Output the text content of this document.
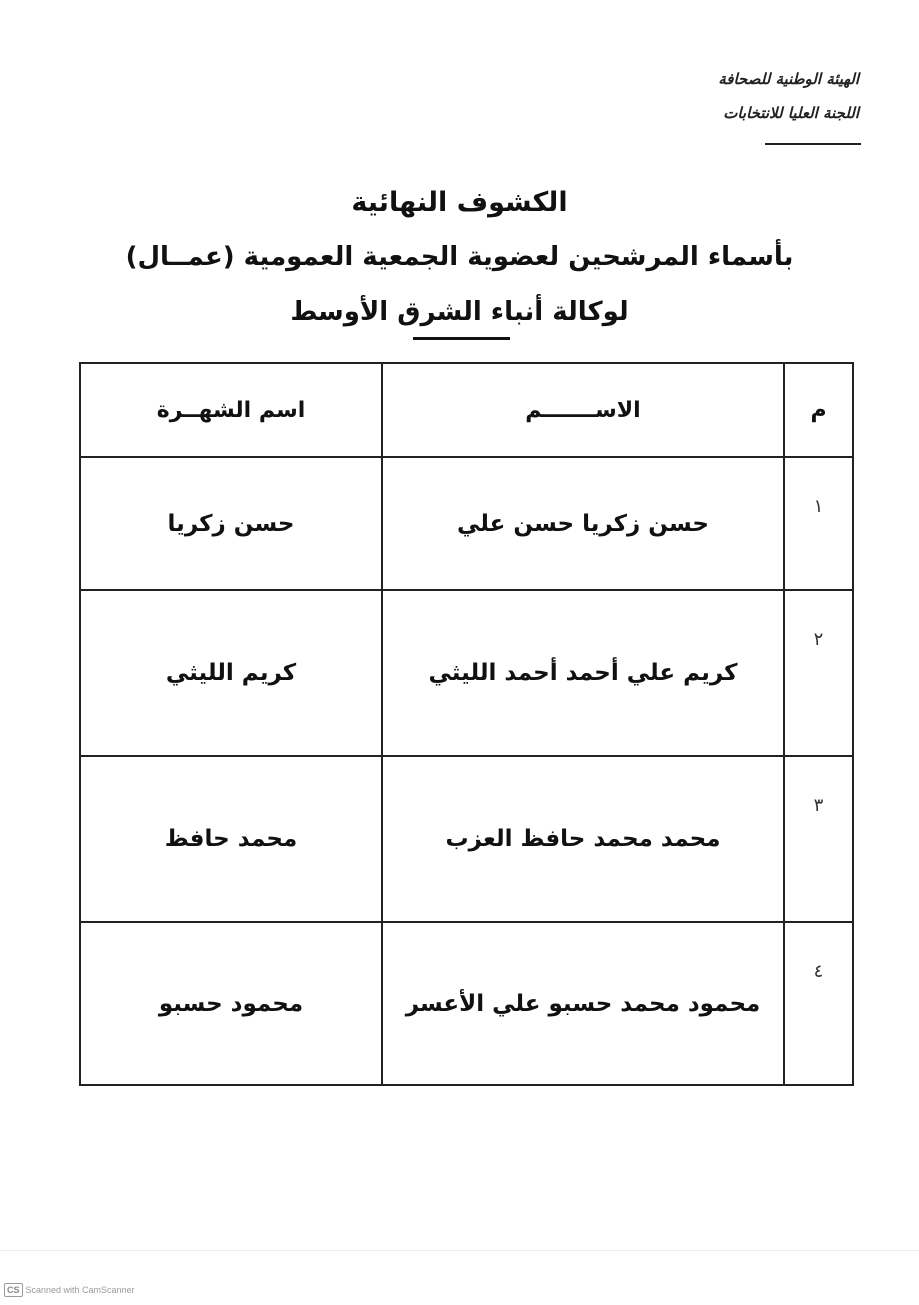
الهيئة الوطنية للصحافة
اللجنة العليا للانتخابات
الكشوف النهائية
بأسماء المرشحين لعضوية الجمعية العمومية (عمــال)
لوكالة أنباء الشرق الأوسط
م	الاســـــــم	اسم الشهــرة
١	حسن زكريا حسن علي	حسن زكريا
٢	كريم علي أحمد أحمد الليثي	كريم الليثي
٣	محمد محمد حافظ العزب	محمد حافظ
٤	محمود محمد حسبو علي الأعسر	محمود حسبو
CS Scanned with CamScanner
